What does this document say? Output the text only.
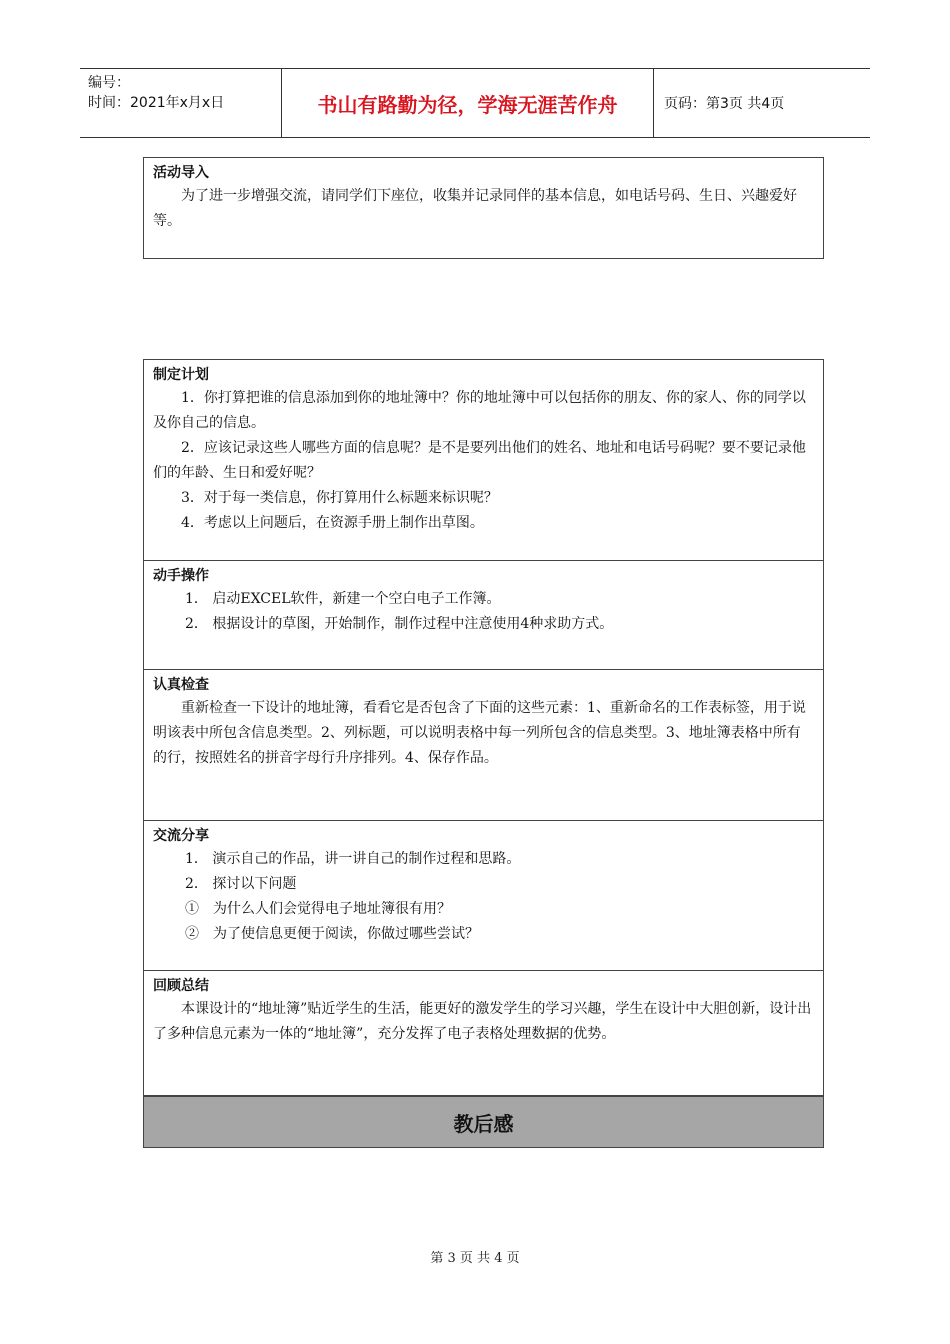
编号：
时间：2021年x月x日	书山有路勤为径，学海无涯苦作舟	页码：第3页 共4页
活动导入

为了进一步增强交流，请同学们下座位，收集并记录同伴的基本信息，如电话号码、生日、兴趣爱好等。

制定计划

1．你打算把谁的信息添加到你的地址簿中？你的地址簿中可以包括你的朋友、你的家人、你的同学以及你自己的信息。

2．应该记录这些人哪些方面的信息呢？是不是要列出他们的姓名、地址和电话号码呢？要不要记录他们的年龄、生日和爱好呢？

3．对于每一类信息，你打算用什么标题来标识呢？

4．考虑以上问题后，在资源手册上制作出草图。

动手操作

1． 启动EXCEL软件，新建一个空白电子工作簿。

2． 根据设计的草图，开始制作，制作过程中注意使用4种求助方式。

认真检查

重新检查一下设计的地址簿，看看它是否包含了下面的这些元素：1、重新命名的工作表标签，用于说明该表中所包含信息类型。2、列标题，可以说明表格中每一列所包含的信息类型。3、地址簿表格中所有的行，按照姓名的拼音字母行升序排列。4、保存作品。

交流分享

1． 演示自己的作品，讲一讲自己的制作过程和思路。

2． 探讨以下问题

①　为什么人们会觉得电子地址簿很有用？
②　为了使信息更便于阅读，你做过哪些尝试？
回顾总结

本课设计的“地址簿”贴近学生的生活，能更好的激发学生的学习兴趣，学生在设计中大胆创新，设计出了多种信息元素为一体的“地址簿”，充分发挥了电子表格处理数据的优势。

教后感
第 3 页 共 4 页
